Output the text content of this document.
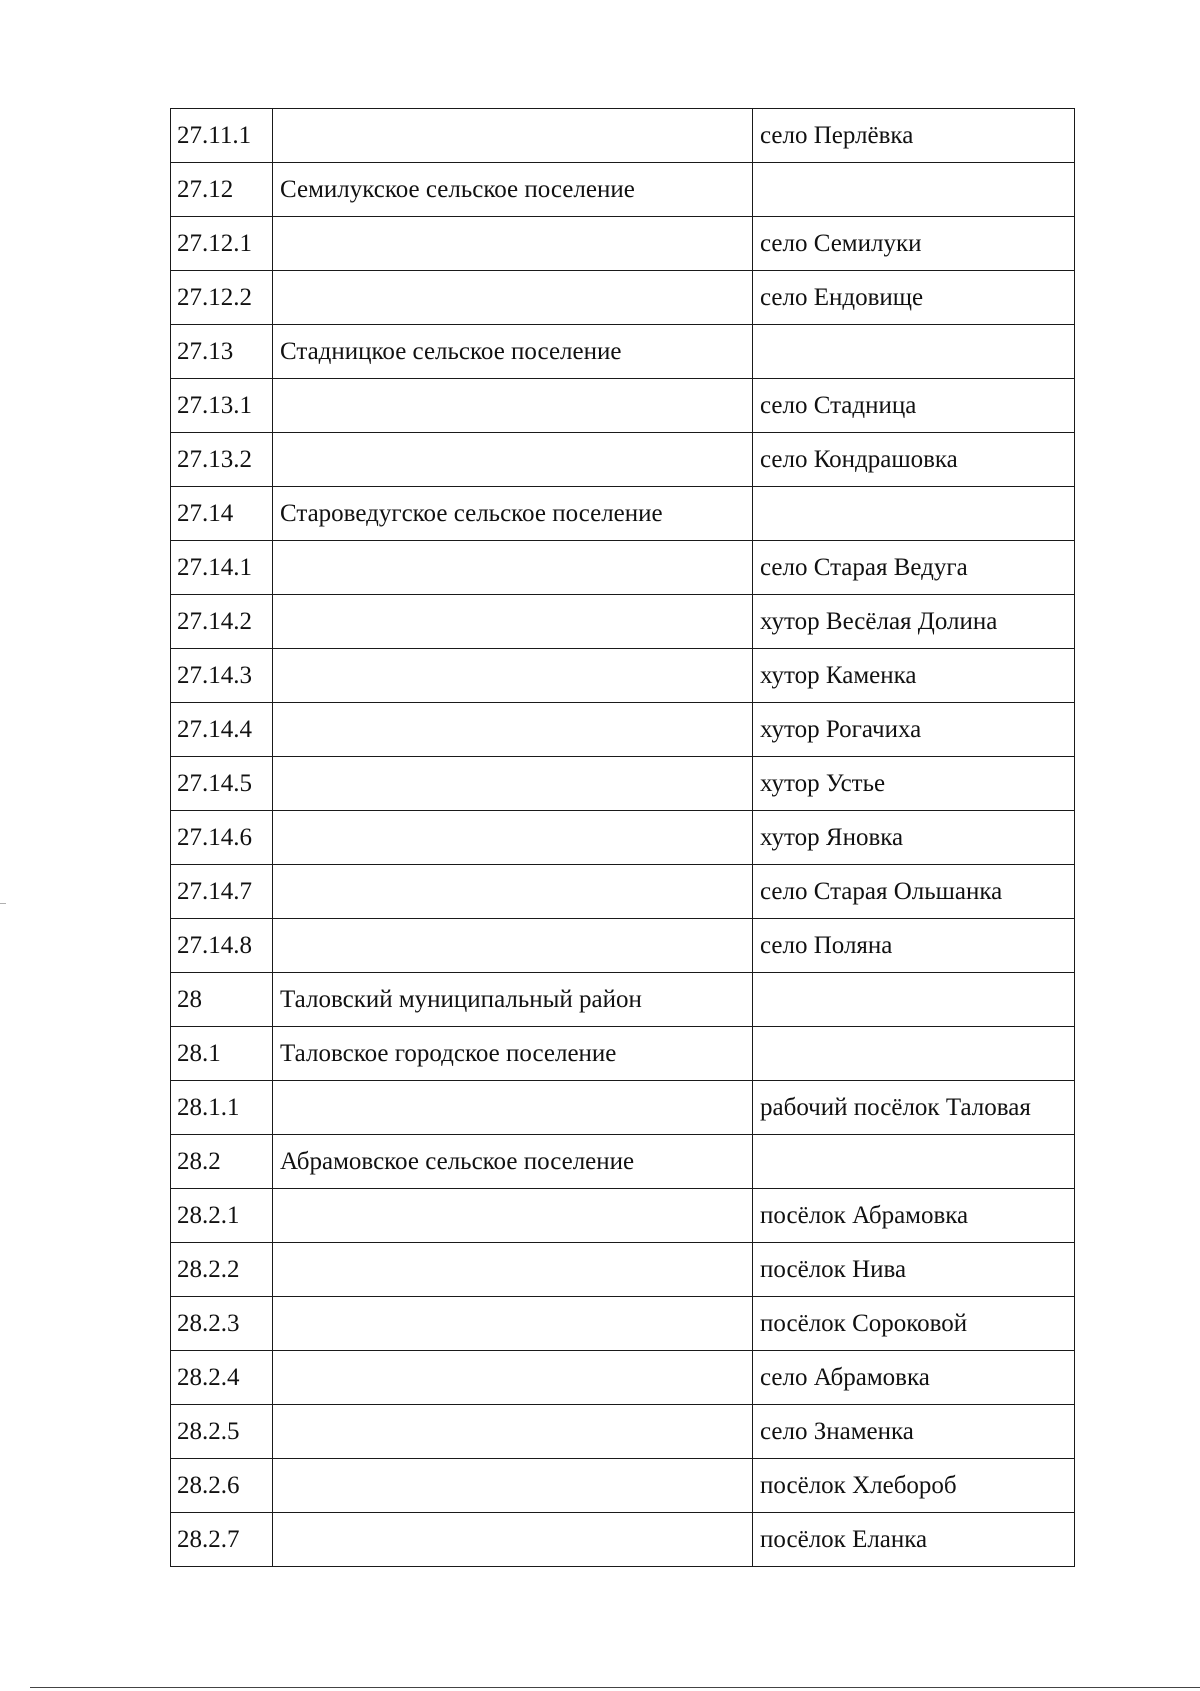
27.11.1		село Перлёвка
27.12	Семилукское сельское поселение	
27.12.1		село Семилуки
27.12.2		село Ендовище
27.13	Стадницкое сельское поселение	
27.13.1		село Стадница
27.13.2		село Кондрашовка
27.14	Староведугское сельское поселение	
27.14.1		село Старая Ведуга
27.14.2		хутор Весёлая Долина
27.14.3		хутор Каменка
27.14.4		хутор Рогачиха
27.14.5		хутор Устье
27.14.6		хутор Яновка
27.14.7		село Старая Ольшанка
27.14.8		село Поляна
28	Таловский муниципальный район	
28.1	Таловское городское поселение	
28.1.1		рабочий посёлок Таловая
28.2	Абрамовское сельское поселение	
28.2.1		посёлок Абрамовка
28.2.2		посёлок Нива
28.2.3		посёлок Сороковой
28.2.4		село Абрамовка
28.2.5		село Знаменка
28.2.6		посёлок Хлебороб
28.2.7		посёлок Еланка
